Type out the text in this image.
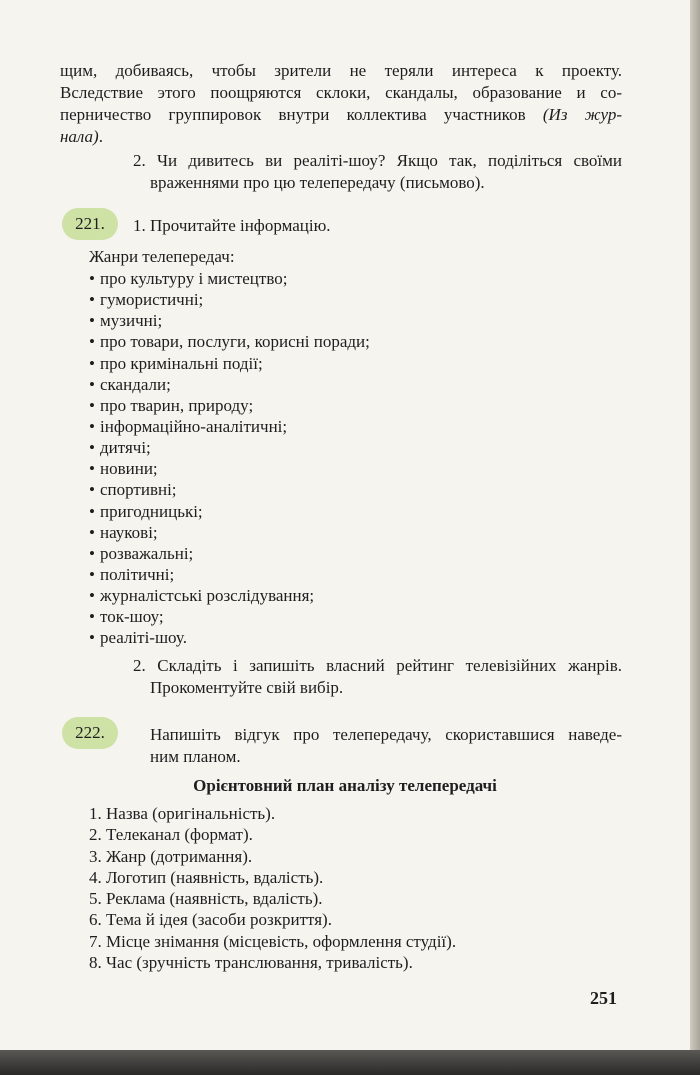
щим, добиваясь, чтобы зрители не теряли интереса к проекту.
Вследствие этого поощряются склоки, скандалы, образование и со-
перничество группировок внутри коллектива участников (Из жур-
нала).
2. Чи дивитесь ви реаліті-шоу? Якщо так, поділіться своїми
враженнями про цю телепередачу (письмово).
221.	1. Прочитайте інформацію.
Жанри телепередач:
• про культуру і мистецтво;
• гумористичні;
• музичні;
• про товари, послуги, корисні поради;
• про кримінальні події;
• скандали;
• про тварин, природу;
• інформаційно-аналітичні;
• дитячі;
• новини;
• спортивні;
• пригодницькі;
• наукові;
• розважальні;
• політичні;
• журналістські розслідування;
• ток-шоу;
• реаліті-шоу.
2. Складіть і запишіть власний рейтинг телевізійних жанрів.
Прокоментуйте свій вибір.
222.	Напишіть відгук про телепередачу, скориставшися наведе-
ним планом.
Орієнтовний план аналізу телепередачі
1. Назва (оригінальність).
2. Телеканал (формат).
3. Жанр (дотримання).
4. Логотип (наявність, вдалість).
5. Реклама (наявність, вдалість).
6. Тема й ідея (засоби розкриття).
7. Місце знімання (місцевість, оформлення студії).
8. Час (зручність транслювання, тривалість).
251
